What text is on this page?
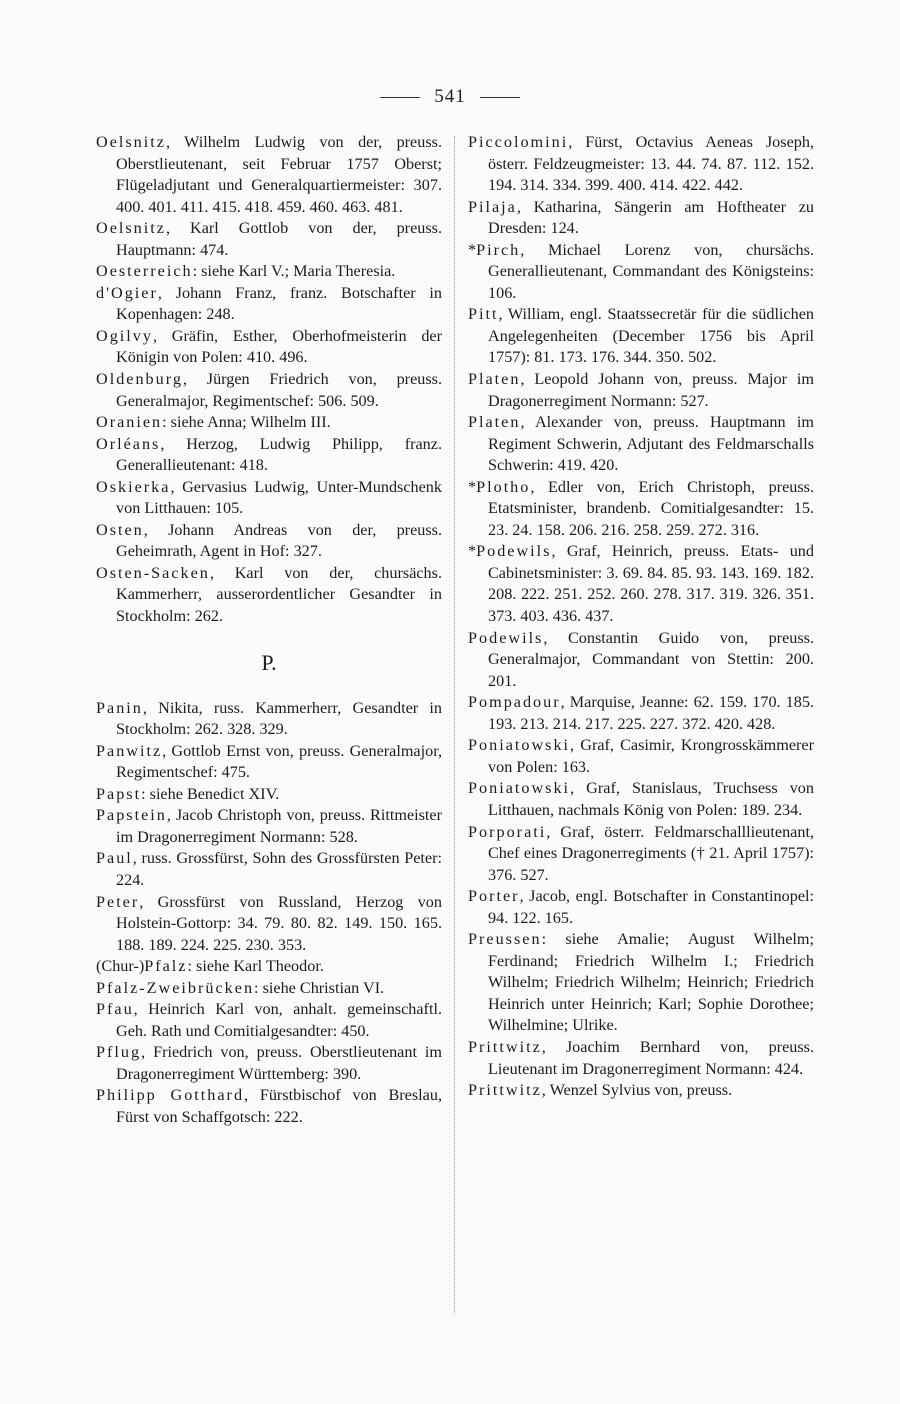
541

Oelsnitz, Wilhelm Ludwig von der, preuss. Oberstlieutenant, seit Februar 1757 Oberst; Flügeladjutant und Generalquartiermeister: 307. 400. 401. 411. 415. 418. 459. 460. 463. 481.

Oelsnitz, Karl Gottlob von der, preuss. Hauptmann: 474.

Oesterreich: siehe Karl V.; Maria Theresia.

d'Ogier, Johann Franz, franz. Botschafter in Kopenhagen: 248.

Ogilvy, Gräfin, Esther, Oberhofmeisterin der Königin von Polen: 410. 496.

Oldenburg, Jürgen Friedrich von, preuss. Generalmajor, Regimentschef: 506. 509.

Oranien: siehe Anna; Wilhelm III.

Orléans, Herzog, Ludwig Philipp, franz. Generallieutenant: 418.

Oskierka, Gervasius Ludwig, Unter-Mundschenk von Litthauen: 105.

Osten, Johann Andreas von der, preuss. Geheimrath, Agent in Hof: 327.

Osten-Sacken, Karl von der, chursächs. Kammerherr, ausserordentlicher Gesandter in Stockholm: 262.

P.

Panin, Nikita, russ. Kammerherr, Gesandter in Stockholm: 262. 328. 329.

Panwitz, Gottlob Ernst von, preuss. Generalmajor, Regimentschef: 475.

Papst: siehe Benedict XIV.

Papstein, Jacob Christoph von, preuss. Rittmeister im Dragonerregiment Normann: 528.

Paul, russ. Grossfürst, Sohn des Grossfürsten Peter: 224.

Peter, Grossfürst von Russland, Herzog von Holstein-Gottorp: 34. 79. 80. 82. 149. 150. 165. 188. 189. 224. 225. 230. 353.

(Chur-)Pfalz: siehe Karl Theodor.

Pfalz-Zweibrücken: siehe Christian VI.

Pfau, Heinrich Karl von, anhalt. gemeinschaftl. Geh. Rath und Comitialgesandter: 450.

Pflug, Friedrich von, preuss. Oberstlieutenant im Dragonerregiment Württemberg: 390.

Philipp Gotthard, Fürstbischof von Breslau, Fürst von Schaffgotsch: 222.

Piccolomini, Fürst, Octavius Aeneas Joseph, österr. Feldzeugmeister: 13. 44. 74. 87. 112. 152. 194. 314. 334. 399. 400. 414. 422. 442.

Pilaja, Katharina, Sängerin am Hoftheater zu Dresden: 124.

*Pirch, Michael Lorenz von, chursächs. Generallieutenant, Commandant des Königsteins: 106.

Pitt, William, engl. Staatssecretär für die südlichen Angelegenheiten (December 1756 bis April 1757): 81. 173. 176. 344. 350. 502.

Platen, Leopold Johann von, preuss. Major im Dragonerregiment Normann: 527.

Platen, Alexander von, preuss. Hauptmann im Regiment Schwerin, Adjutant des Feldmarschalls Schwerin: 419. 420.

*Plotho, Edler von, Erich Christoph, preuss. Etatsminister, brandenb. Comitialgesandter: 15. 23. 24. 158. 206. 216. 258. 259. 272. 316.

*Podewils, Graf, Heinrich, preuss. Etats- und Cabinetsminister: 3. 69. 84. 85. 93. 143. 169. 182. 208. 222. 251. 252. 260. 278. 317. 319. 326. 351. 373. 403. 436. 437.

Podewils, Constantin Guido von, preuss. Generalmajor, Commandant von Stettin: 200. 201.

Pompadour, Marquise, Jeanne: 62. 159. 170. 185. 193. 213. 214. 217. 225. 227. 372. 420. 428.

Poniatowski, Graf, Casimir, Krongrosskämmerer von Polen: 163.

Poniatowski, Graf, Stanislaus, Truchsess von Litthauen, nachmals König von Polen: 189. 234.

Porporati, Graf, österr. Feldmarschalllieutenant, Chef eines Dragonerregiments († 21. April 1757): 376. 527.

Porter, Jacob, engl. Botschafter in Constantinopel: 94. 122. 165.

Preussen: siehe Amalie; August Wilhelm; Ferdinand; Friedrich Wilhelm I.; Friedrich Wilhelm; Friedrich Wilhelm; Heinrich; Friedrich Heinrich unter Heinrich; Karl; Sophie Dorothee; Wilhelmine; Ulrike.

Prittwitz, Joachim Bernhard von, preuss. Lieutenant im Dragonerregiment Normann: 424.

Prittwitz, Wenzel Sylvius von, preuss.
